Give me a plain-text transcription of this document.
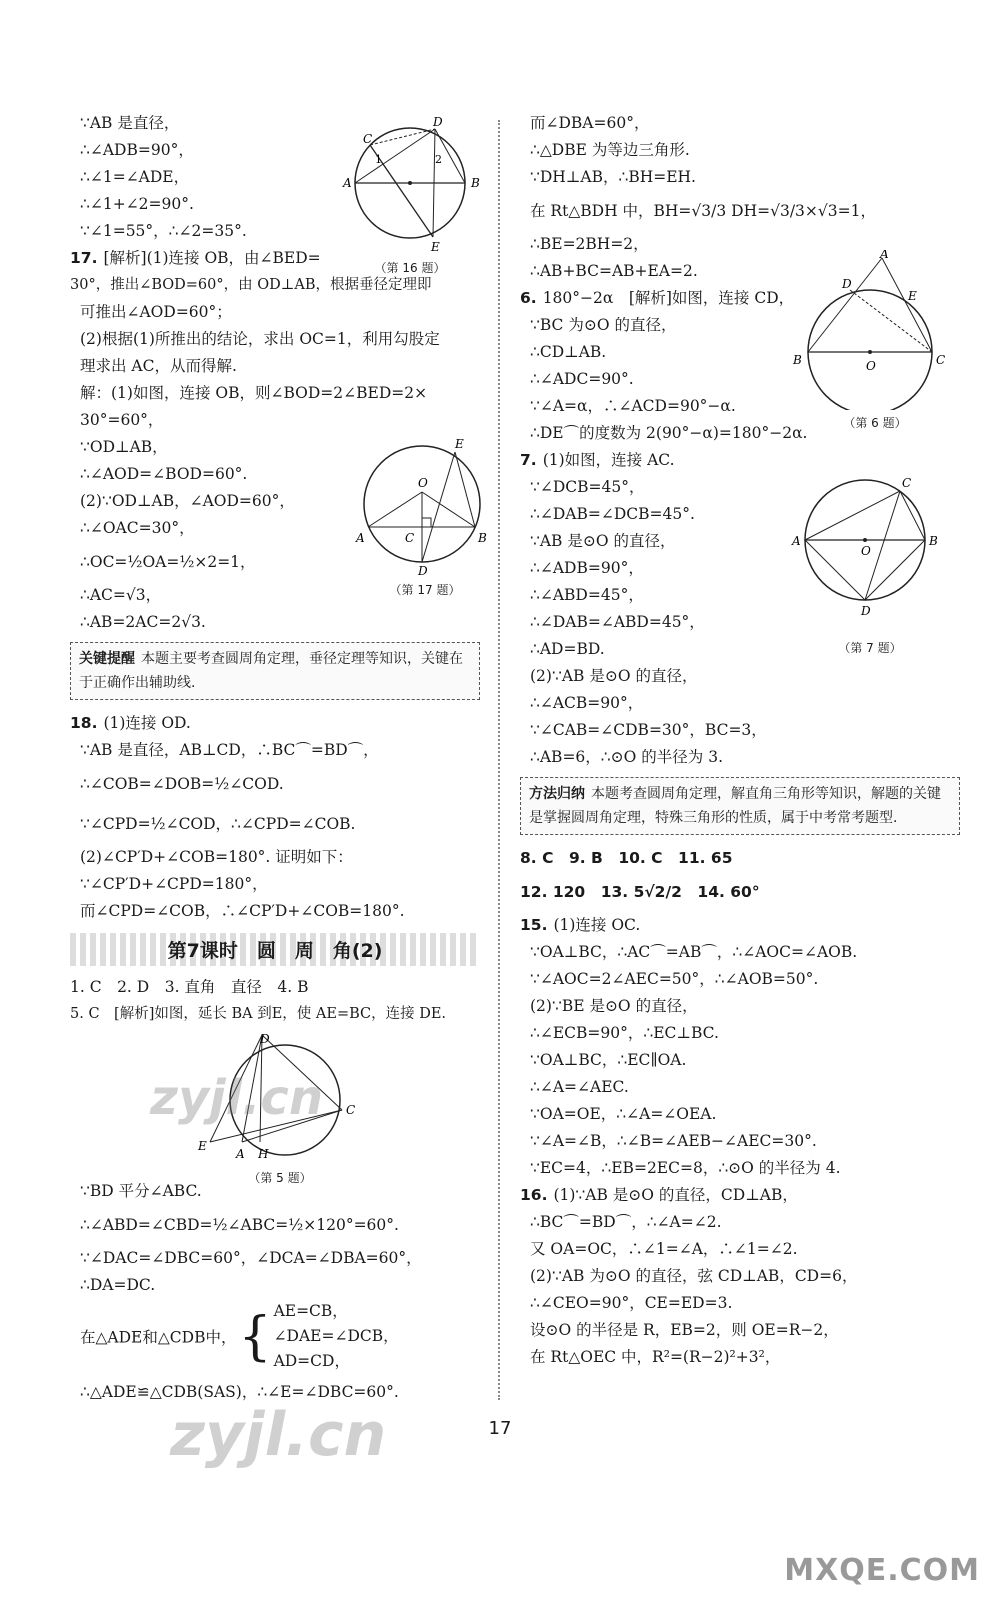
∵AB 是直径，
∴∠ADB=90°，
∴∠1=∠ADE，
∴∠1+∠2=90°.
∵∠1=55°，∴∠2=35°.
17. [解析](1)连接 OB，由∠BED=
30°，推出∠BOD=60°，由 OD⊥AB，根据垂径定理即
可推出∠AOD=60°；
(2)根据(1)所推出的结论，求出 OC=1，利用勾股定
理求出 AC，从而得解.
解：(1)如图，连接 OB，则∠BOD=2∠BED=2×
30°=60°，
∵OD⊥AB，
∴∠AOD=∠BOD=60°.
(2)∵OD⊥AB，∠AOD=60°，
∴∠OAC=30°，
∴OC=½OA=½×2=1，
∴AC=√3，
∴AB=2AC=2√3.
关键提醒 本题主要考查圆周角定理，垂径定理等知识，关键在于正确作出辅助线.
18. (1)连接 OD.
∵AB 是直径，AB⊥CD，∴BC⌒=BD⌒，
∴∠COB=∠DOB=½∠COD.
∵∠CPD=½∠COD，∴∠CPD=∠COB.
(2)∠CP′D+∠COB=180°. 证明如下：
∵∠CP′D+∠CPD=180°，
而∠CPD=∠COB，∴∠CP′D+∠COB=180°.
第7课时　圆　周　角(2)
1. C　2. D　3. 直角　直径　4. B
5. C　[解析]如图，延长 BA 到E，使 AE=BC，连接 DE.
∵BD 平分∠ABC.
∴∠ABD=∠CBD=½∠ABC=½×120°=60°.
∵∠DAC=∠DBC=60°，∠DCA=∠DBA=60°，
∴DA=DC.
在△ADE和△CDB中，{ AE=CB，
∠DAE=∠DCB，
AD=CD，
∴△ADE≌△CDB(SAS)，∴∠E=∠DBC=60°.
而∠DBA=60°，
∴△DBE 为等边三角形.
∵DH⊥AB，∴BH=EH.
在 Rt△BDH 中，BH=√3/3 DH=√3/3×√3=1，
∴BE=2BH=2，
∴AB+BC=AB+EA=2.
6. 180°−2α　[解析]如图，连接 CD，
∵BC 为⊙O 的直径，
∴CD⊥AB.
∴∠ADC=90°.
∵∠A=α，∴∠ACD=90°−α.
∴DE⌒的度数为 2(90°−α)=180°−2α.
7. (1)如图，连接 AC.
∵∠DCB=45°，
∴∠DAB=∠DCB=45°.
∵AB 是⊙O 的直径，
∴∠ADB=90°，
∴∠ABD=45°，
∴∠DAB=∠ABD=45°，
∴AD=BD.
(2)∵AB 是⊙O 的直径，
∴∠ACB=90°，
∵∠CAB=∠CDB=30°，BC=3，
∴AB=6，∴⊙O 的半径为 3.
方法归纳 本题考查圆周角定理，解直角三角形等知识，解题的关键是掌握圆周角定理，特殊三角形的性质，属于中考常考题型.
8. C　9. B　10. C　11. 65
12. 120　13. 5√2/2　14. 60°
15. (1)连接 OC.
∵OA⊥BC，∴AC⌒=AB⌒，∴∠AOC=∠AOB.
∵∠AOC=2∠AEC=50°，∴∠AOB=50°.
(2)∵BE 是⊙O 的直径，
∴∠ECB=90°，∴EC⊥BC.
∵OA⊥BC，∴EC∥OA.
∴∠A=∠AEC.
∵OA=OE，∴∠A=∠OEA.
∵∠A=∠B，∴∠B=∠AEB−∠AEC=30°.
∵EC=4，∴EB=2EC=8，∴⊙O 的半径为 4.
16. (1)∵AB 是⊙O 的直径，CD⊥AB，
∴BC⌒=BD⌒，∴∠A=∠2.
又 OA=OC，∴∠1=∠A，∴∠1=∠2.
(2)∵AB 为⊙O 的直径，弦 CD⊥AB，CD=6，
∴∠CEO=90°，CE=ED=3.
设⊙O 的半径是 R，EB=2，则 OE=R−2，
在 Rt△OEC 中，R²=(R−2)²+3²，
C
D
A	B
E
1	2
（第 16 题）
O
E
A	C	B
D
（第 17 题）
D
E
A H
C
（第 5 题）
A
D
E
B	O	C
（第 6 题）
C
A	B
O
D
（第 7 题）
17
zyjl.cn
zyjl.cn
MXQE.COM
